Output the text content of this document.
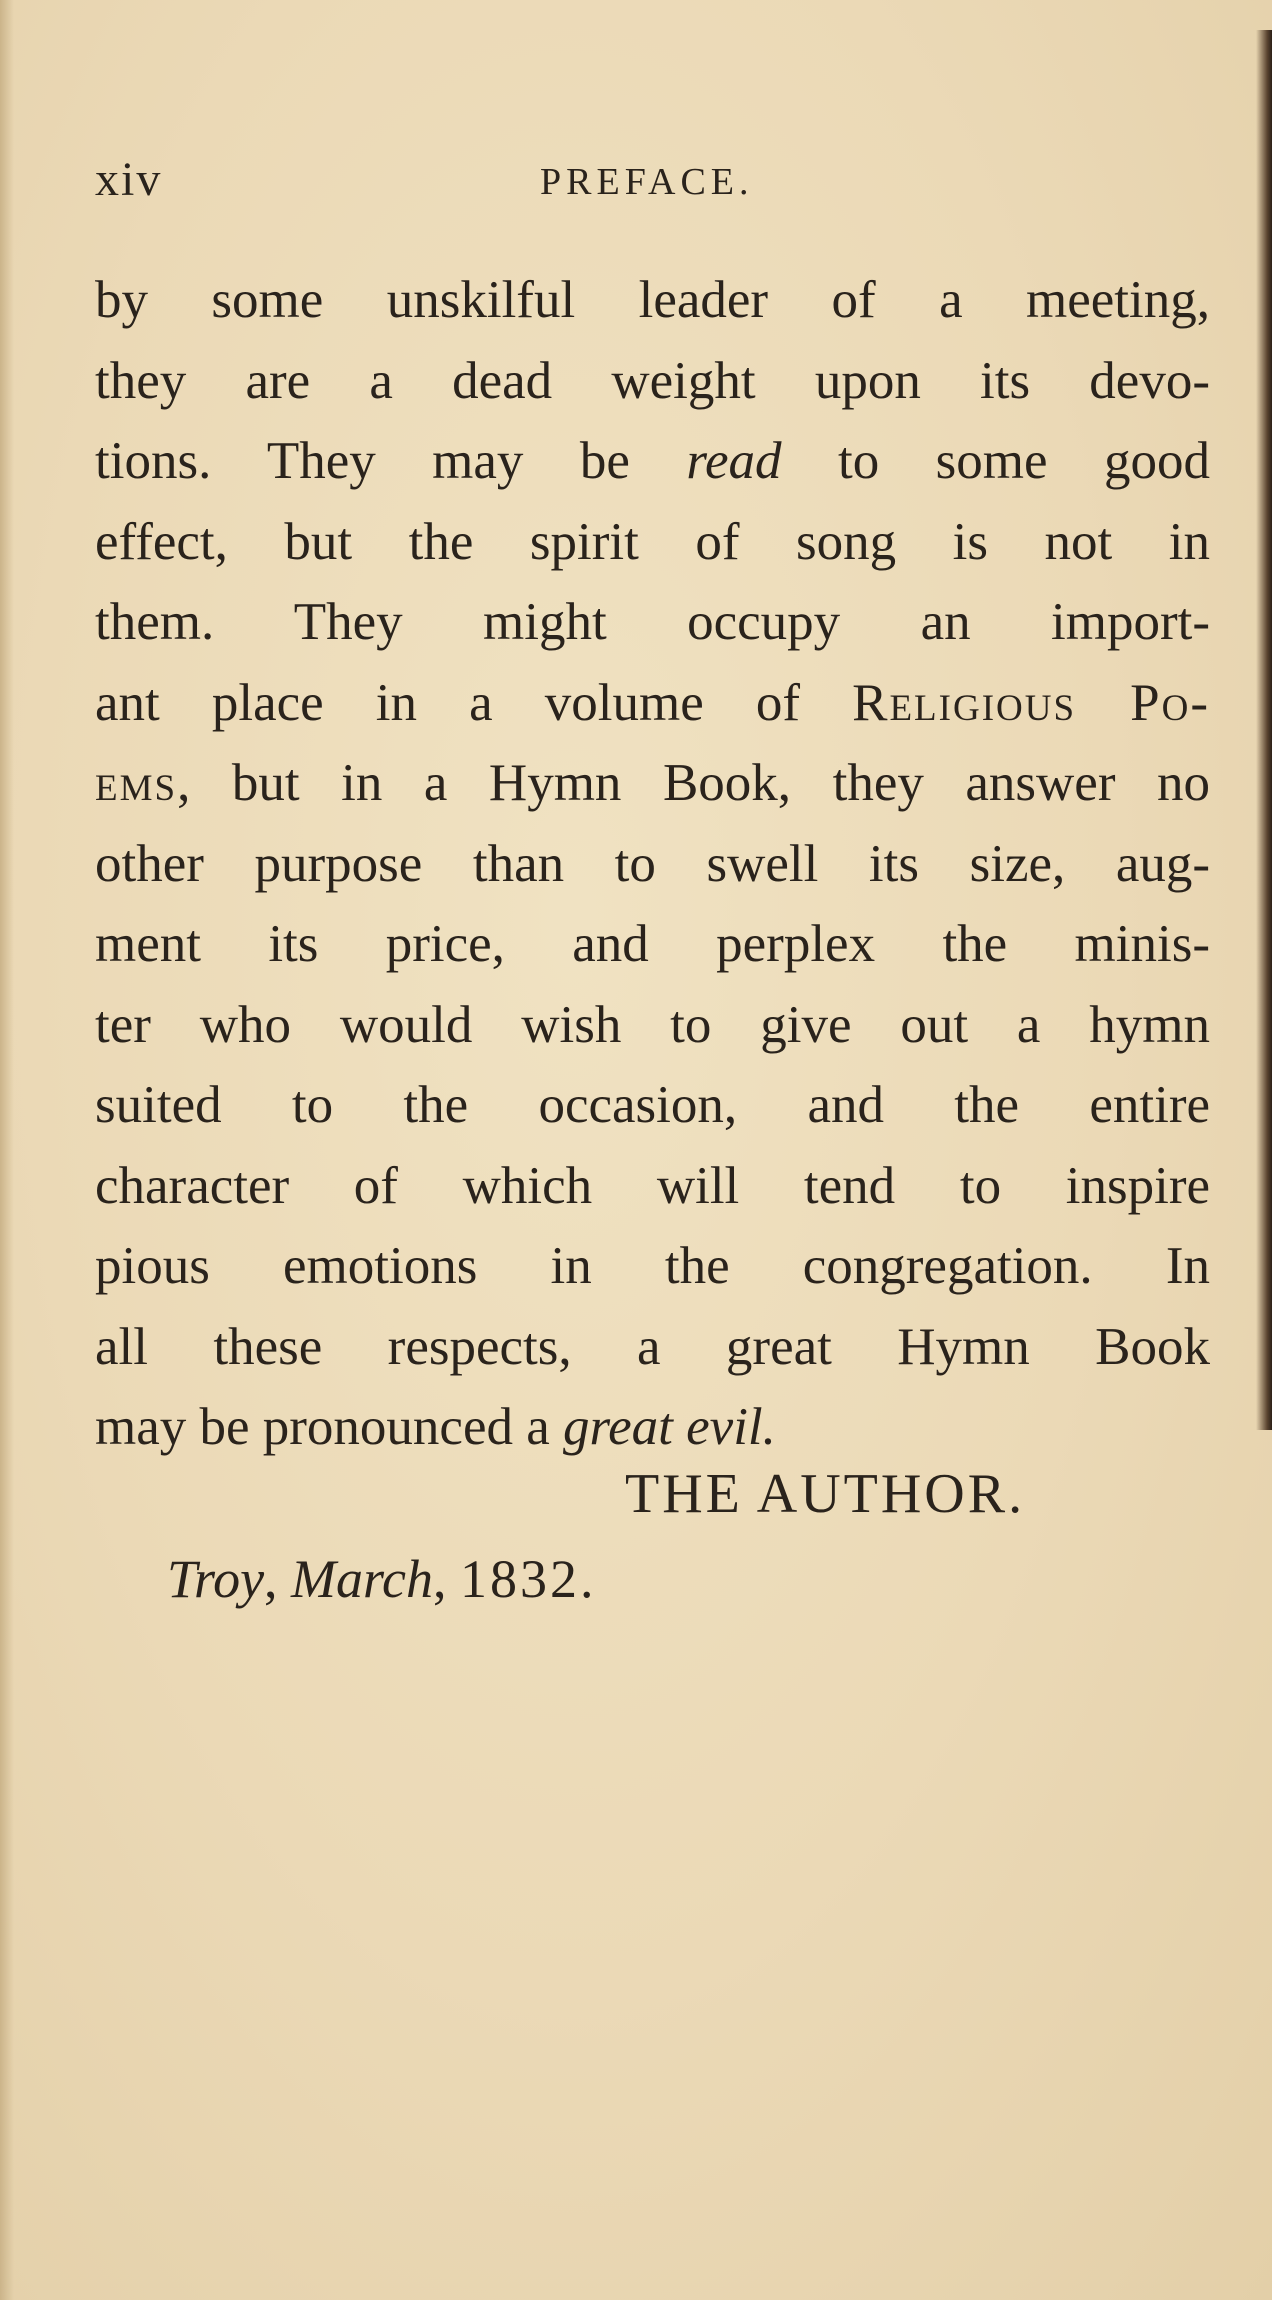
xiv	PREFACE.
by some unskilful leader of a meeting,
they are a dead weight upon its devo-
tions. They may be read to some good
effect, but the spirit of song is not in
them. They might occupy an import-
ant place in a volume of Religious Po-
ems, but in a Hymn Book, they answer no
other purpose than to swell its size, aug-
ment its price, and perplex the minis-
ter who would wish to give out a hymn
suited to the occasion, and the entire
character of which will tend to inspire
pious emotions in the congregation. In
all these respects, a great Hymn Book
may be pronounced a great evil.
THE AUTHOR.
Troy, March, 1832.
